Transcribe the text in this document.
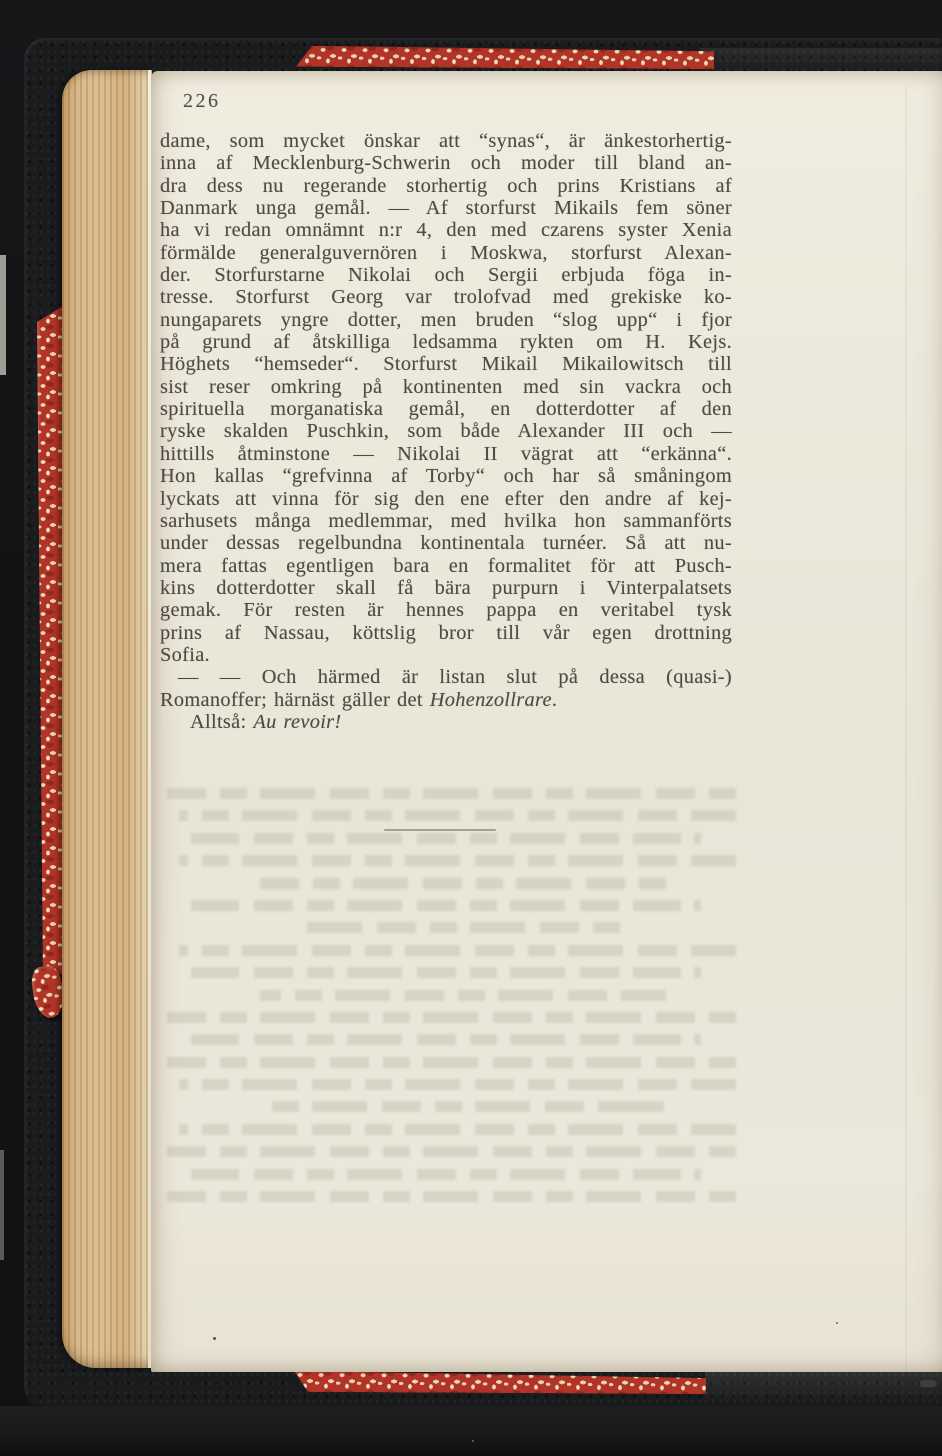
226
dame, som mycket önskar att “synas“, är änkestorhertig-
inna af Mecklenburg-Schwerin och moder till bland an-
dra dess nu regerande storhertig och prins Kristians af
Danmark unga gemål. — Af storfurst Mikails fem söner
ha vi redan omnämnt n:r 4, den med czarens syster Xenia
förmälde generalguvernören i Moskwa, storfurst Alexan-
der. Storfurstarne Nikolai och Sergii erbjuda föga in-
tresse. Storfurst Georg var trolofvad med grekiske ko-
nungaparets yngre dotter, men bruden “slog upp“ i fjor
på grund af åtskilliga ledsamma rykten om H. Kejs.
Höghets “hemseder“. Storfurst Mikail Mikailowitsch till
sist reser omkring på kontinenten med sin vackra och
spirituella morganatiska gemål, en dotterdotter af den
ryske skalden Puschkin, som både Alexander III och —
hittills åtminstone — Nikolai II vägrat att “erkänna“.
Hon kallas “grefvinna af Torby“ och har så småningom
lyckats att vinna för sig den ene efter den andre af kej-
sarhusets många medlemmar, med hvilka hon sammanförts
under dessas regelbundna kontinentala turnéer. Så att nu-
mera fattas egentligen bara en formalitet för att Pusch-
kins dotterdotter skall få bära purpurn i Vinterpalatsets
gemak. För resten är hennes pappa en veritabel tysk
prins af Nassau, köttslig bror till vår egen drottning
Sofia.
— — Och härmed är listan slut på dessa (quasi-)
Romanoffer; härnäst gäller det Hohenzollrare.
Alltså: Au revoir!
